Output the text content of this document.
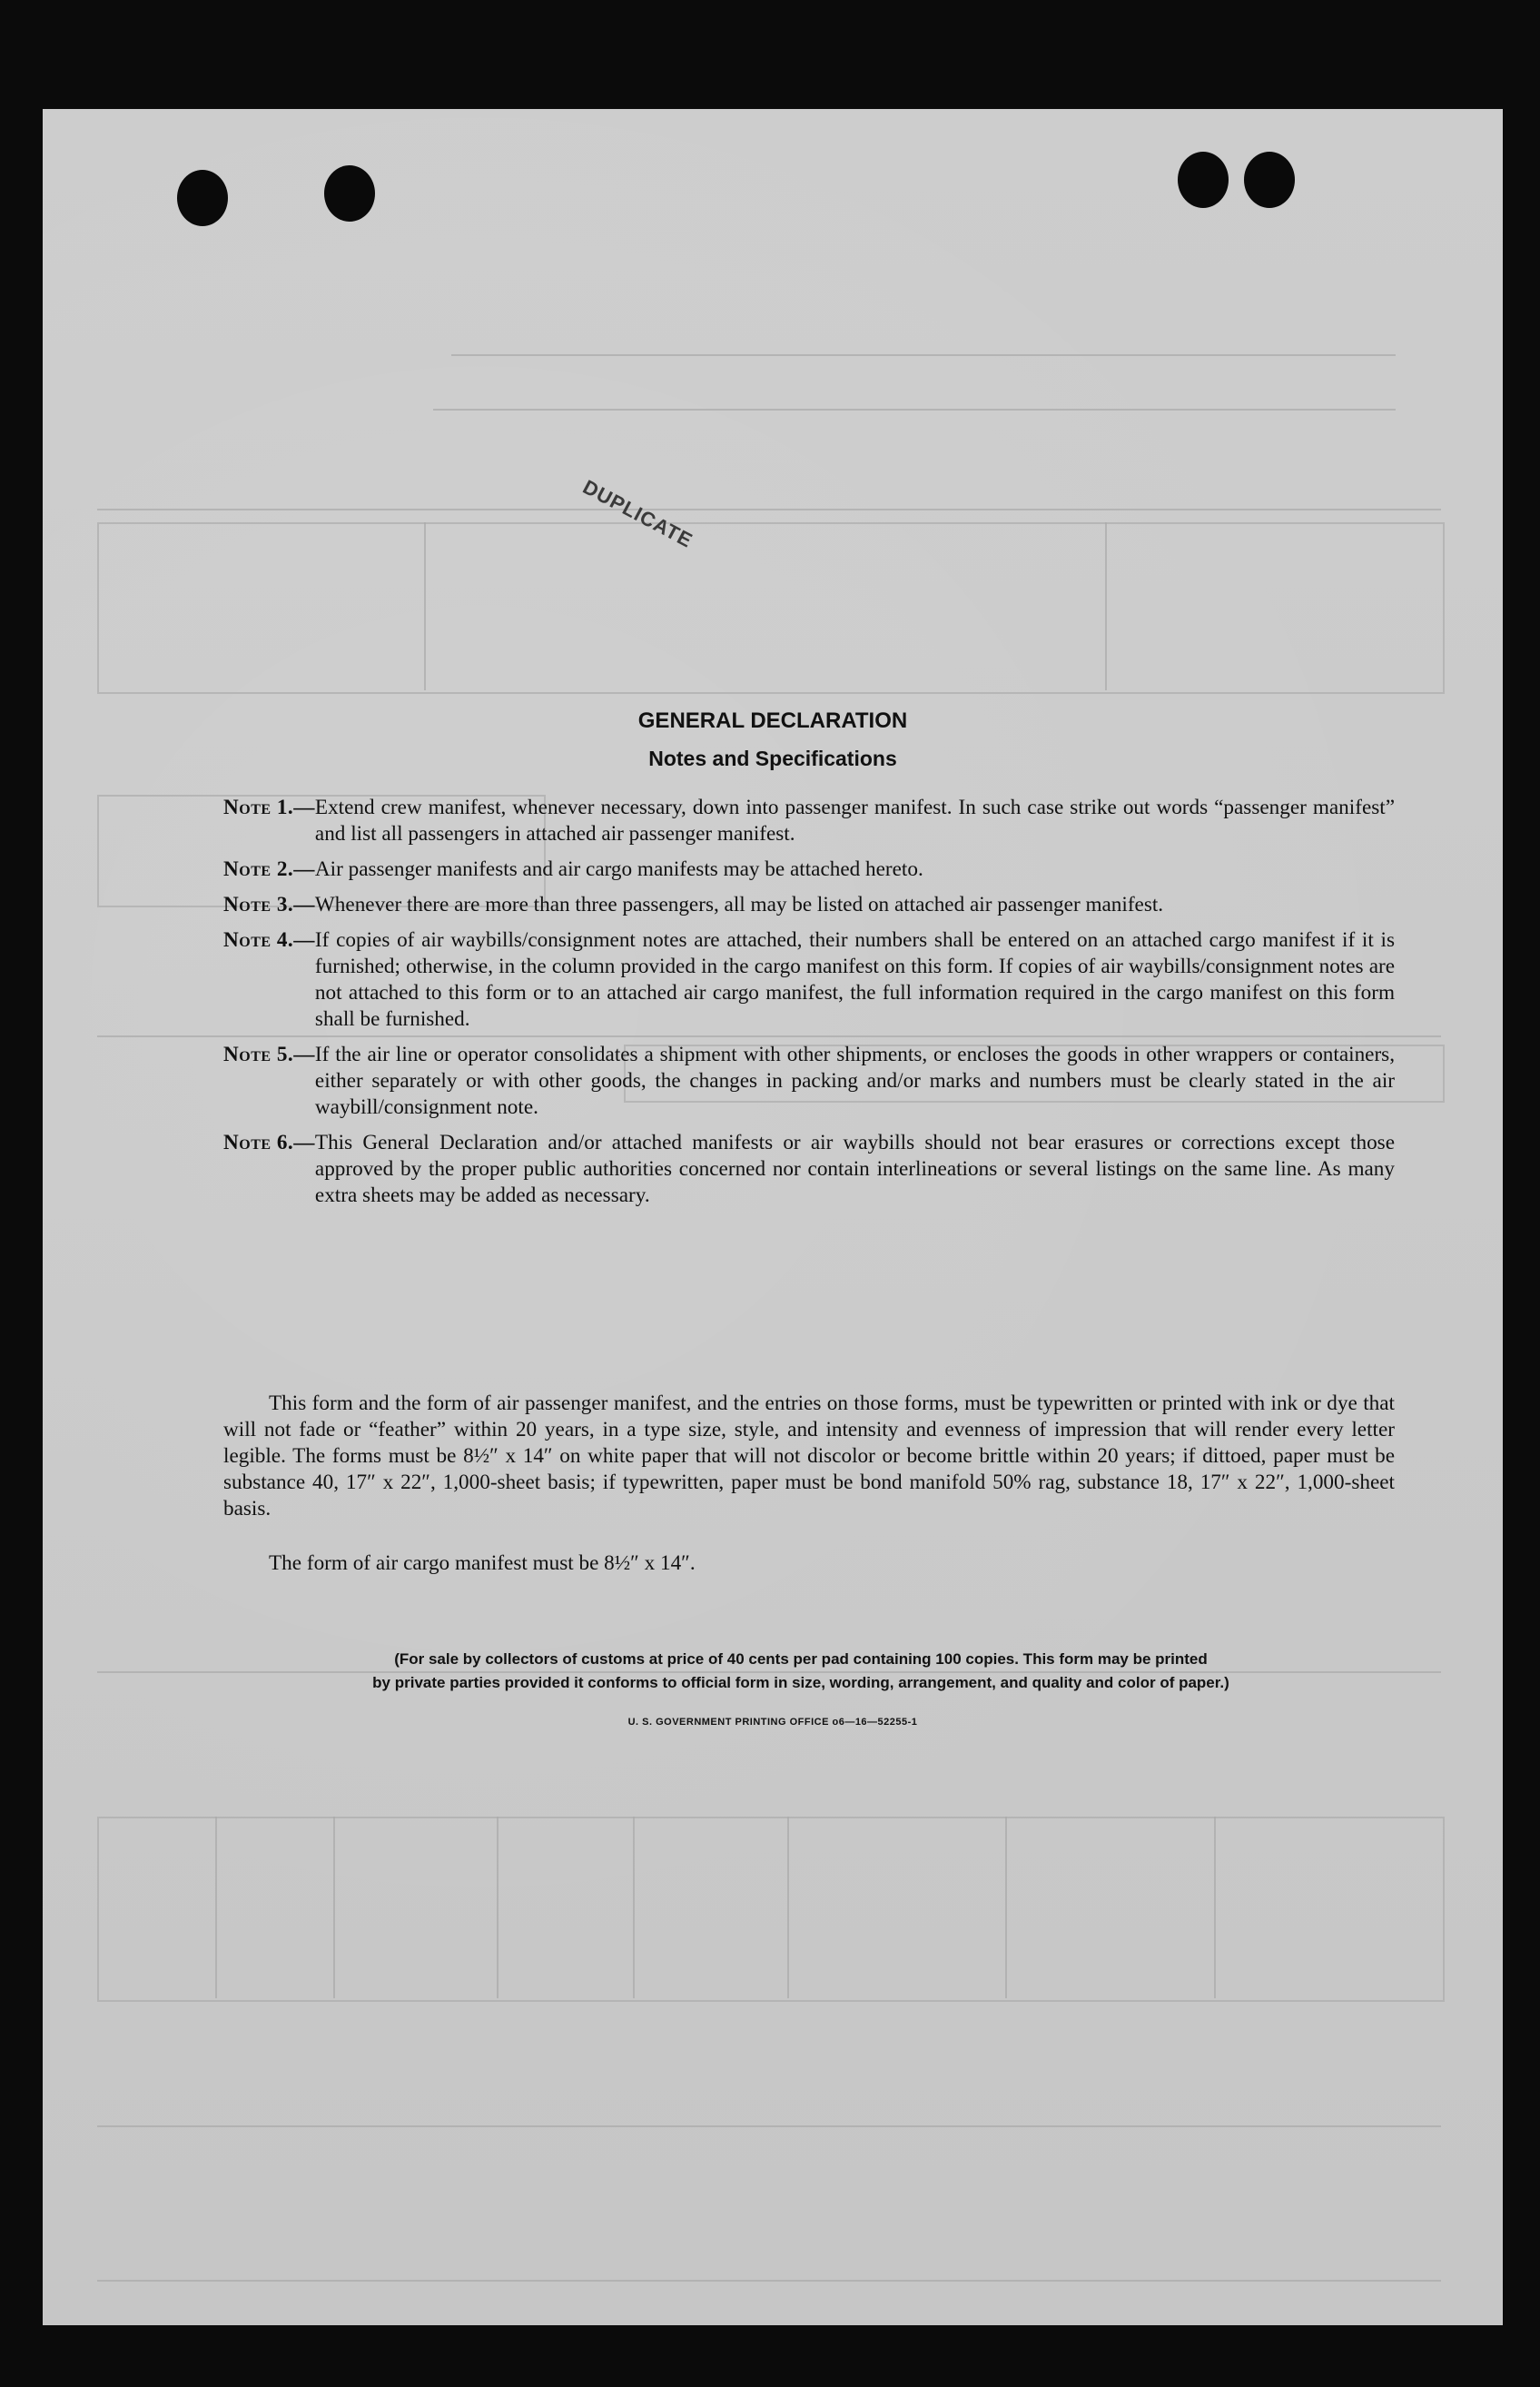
DUPLICATE
GENERAL DECLARATION
Notes and Specifications
Note 1.— Extend crew manifest, whenever necessary, down into passenger manifest. In such case strike out words “passenger manifest” and list all passengers in attached air passenger manifest.
Note 2.— Air passenger manifests and air cargo manifests may be attached hereto.
Note 3.— Whenever there are more than three passengers, all may be listed on attached air passenger manifest.
Note 4.— If copies of air waybills/consignment notes are attached, their numbers shall be entered on an attached cargo manifest if it is furnished; otherwise, in the column provided in the cargo manifest on this form. If copies of air waybills/consignment notes are not attached to this form or to an attached air cargo manifest, the full information required in the cargo manifest on this form shall be furnished.
Note 5.— If the air line or operator consolidates a shipment with other shipments, or encloses the goods in other wrappers or containers, either separately or with other goods, the changes in packing and/or marks and numbers must be clearly stated in the air waybill/consignment note.
Note 6.— This General Declaration and/or attached manifests or air waybills should not bear erasures or corrections except those approved by the proper public authorities concerned nor contain interlineations or several listings on the same line. As many extra sheets may be added as necessary.
This form and the form of air passenger manifest, and the entries on those forms, must be typewritten or printed with ink or dye that will not fade or “feather” within 20 years, in a type size, style, and intensity and evenness of impression that will render every letter legible. The forms must be 8½″ x 14″ on white paper that will not discolor or become brittle within 20 years; if dittoed, paper must be substance 40, 17″ x 22″, 1,000-sheet basis; if typewritten, paper must be bond manifold 50% rag, substance 18, 17″ x 22″, 1,000-sheet basis.
The form of air cargo manifest must be 8½″ x 14″.
(For sale by collectors of customs at price of 40 cents per pad containing 100 copies. This form may be printed
by private parties provided it conforms to official form in size, wording, arrangement, and quality and color of paper.)
U. S. GOVERNMENT PRINTING OFFICE o6—16—52255-1
